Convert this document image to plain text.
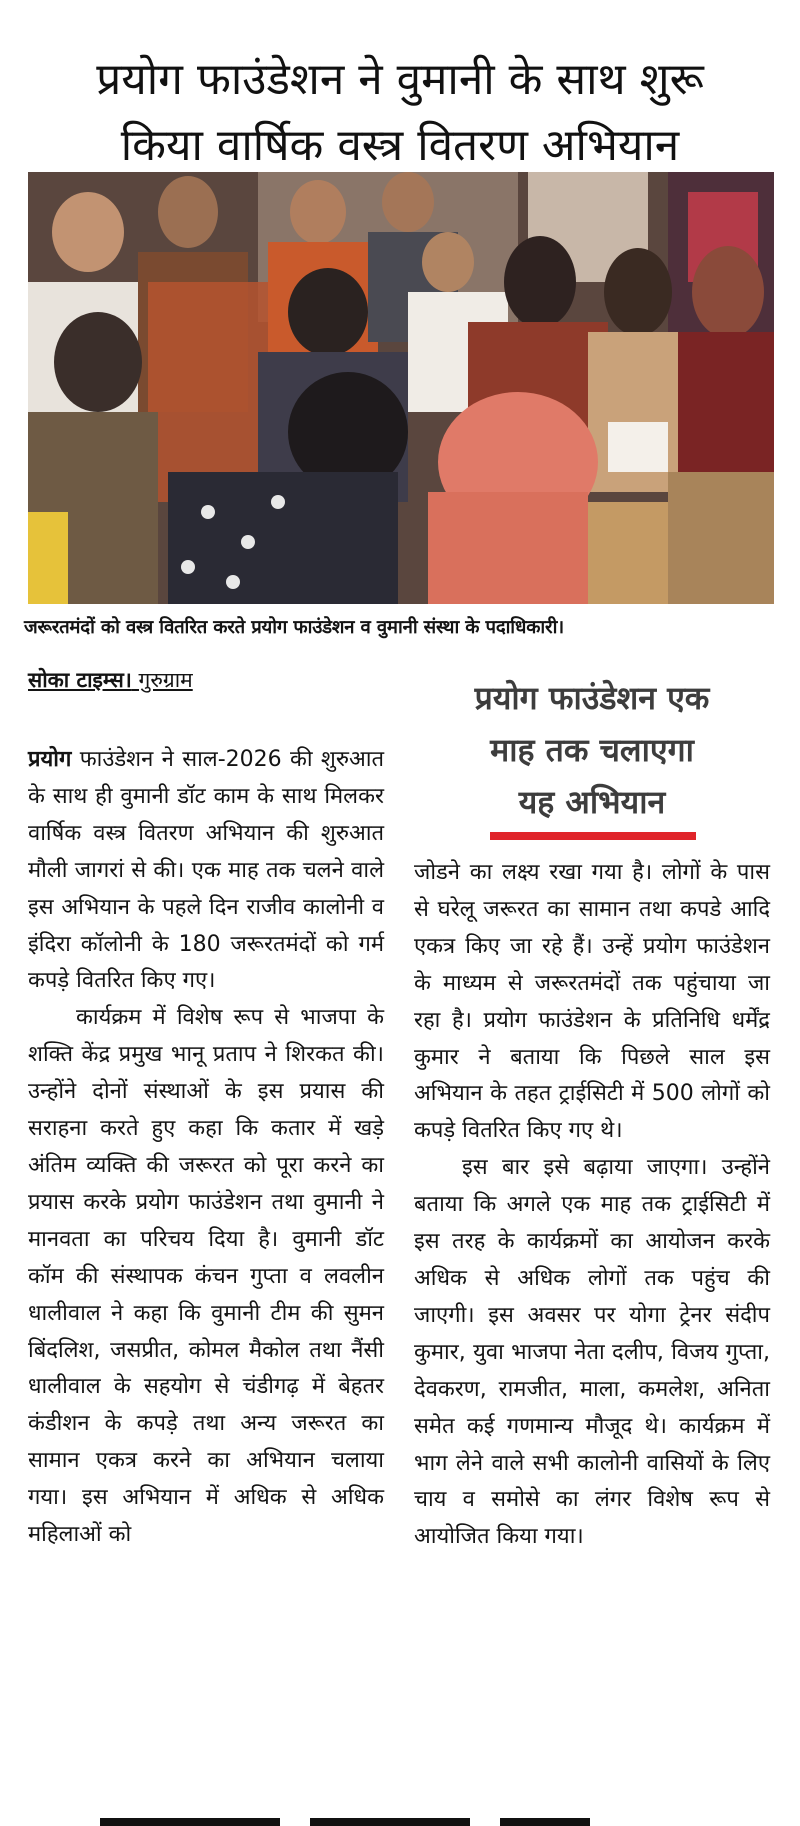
प्रयोग फाउंडेशन ने वुमानी के साथ शुरू
किया वार्षिक वस्त्र वितरण अभियान
जरूरतमंदों को वस्त्र वितरित करते प्रयोग फाउंडेशन व वुमानी संस्था के पदाधिकारी।
सोका टाइम्स। गुरुग्राम

प्रयोग फाउंडेशन ने साल-2026 की शुरुआत के साथ ही वुमानी डॉट काम के साथ मिलकर वार्षिक वस्त्र वितरण अभियान की शुरुआत मौली जागरां से की। एक माह तक चलने वाले इस अभियान के पहले दिन राजीव कालोनी व इंदिरा कॉलोनी के 180 जरूरतमंदों को गर्म कपड़े वितरित किए गए।

कार्यक्रम में विशेष रूप से भाजपा के शक्ति केंद्र प्रमुख भानू प्रताप ने शिरकत की। उन्होंने दोनों संस्थाओं के इस प्रयास की सराहना करते हुए कहा कि कतार में खड़े अंतिम व्यक्ति की जरूरत को पूरा करने का प्रयास करके प्रयोग फाउंडेशन तथा वुमानी ने मानवता का परिचय दिया है। वुमानी डॉट कॉम की संस्थापक कंचन गुप्ता व लवलीन धालीवाल ने कहा कि वुमानी टीम की सुमन बिंदलिश, जसप्रीत, कोमल मैकोल तथा नैंसी धालीवाल के सहयोग से चंडीगढ़ में बेहतर कंडीशन के कपड़े तथा अन्य जरूरत का सामान एकत्र करने का अभियान चलाया गया। इस अभियान में अधिक से अधिक महिलाओं को

प्रयोग फाउंडेशन एक
माह तक चलाएगा
यह अभियान

जोडने का लक्ष्य रखा गया है। लोगों के पास से घरेलू जरूरत का सामान तथा कपडे आदि एकत्र किए जा रहे हैं। उन्हें प्रयोग फाउंडेशन के माध्यम से जरूरतमंदों तक पहुंचाया जा रहा है। प्रयोग फाउंडेशन के प्रतिनिधि धर्मेंद्र कुमार ने बताया कि पिछले साल इस अभियान के तहत ट्राईसिटी में 500 लोगों को कपड़े वितरित किए गए थे।

इस बार इसे बढ़ाया जाएगा। उन्होंने बताया कि अगले एक माह तक ट्राईसिटी में इस तरह के कार्यक्रमों का आयोजन करके अधिक से अधिक लोगों तक पहुंच की जाएगी। इस अवसर पर योगा ट्रेनर संदीप कुमार, युवा भाजपा नेता दलीप, विजय गुप्ता, देवकरण, रामजीत, माला, कमलेश, अनिता समेत कई गणमान्य मौजूद थे। कार्यक्रम में भाग लेने वाले सभी कालोनी वासियों के लिए चाय व समोसे का लंगर विशेष रूप से आयोजित किया गया।
